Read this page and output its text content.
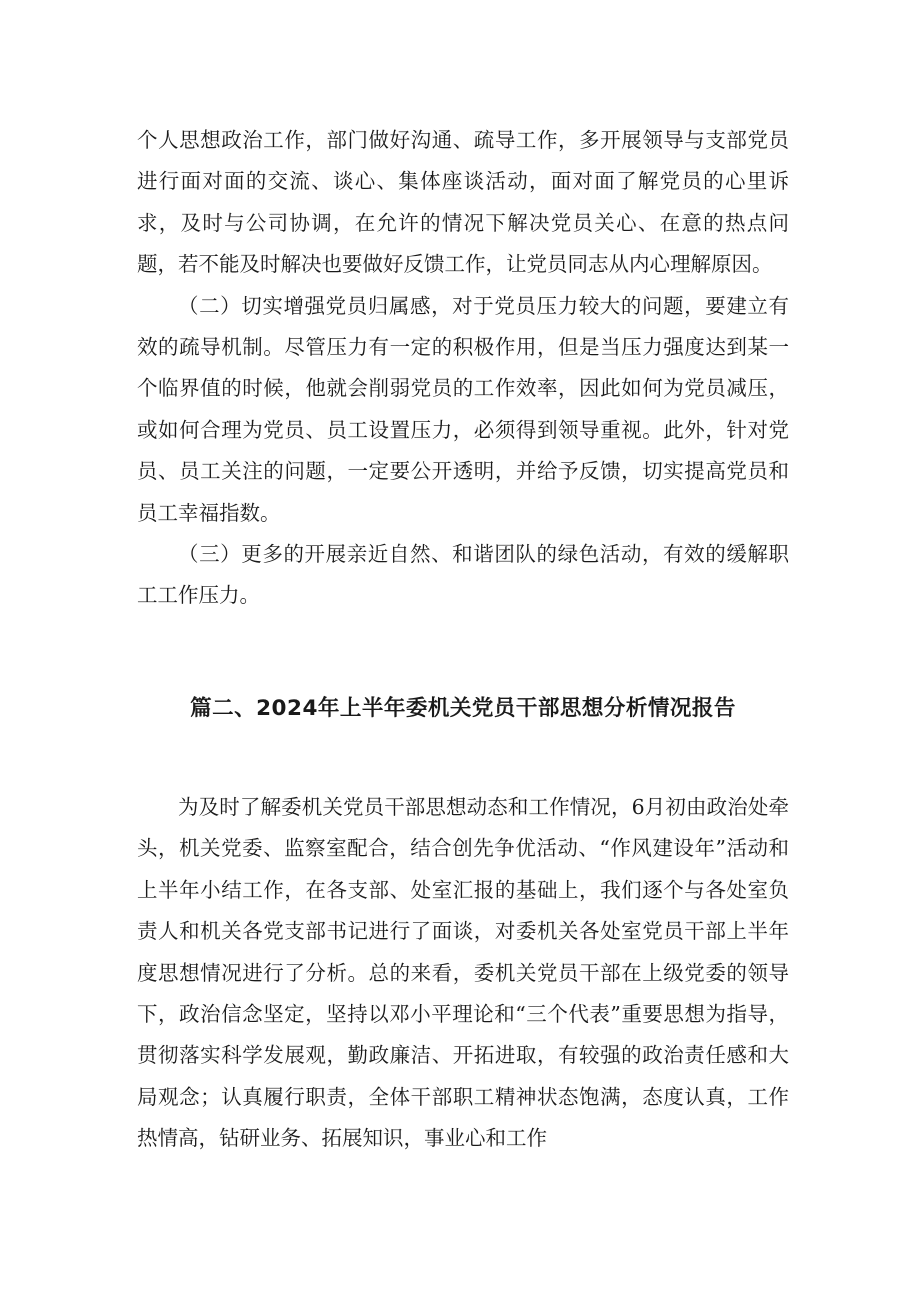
个人思想政治工作，部门做好沟通、疏导工作，多开展领导与支部党员进行面对面的交流、谈心、集体座谈活动，面对面了解党员的心里诉求，及时与公司协调，在允许的情况下解决党员关心、在意的热点问题，若不能及时解决也要做好反馈工作，让党员同志从内心理解原因。

（二）切实增强党员归属感，对于党员压力较大的问题，要建立有效的疏导机制。尽管压力有一定的积极作用，但是当压力强度达到某一个临界值的时候，他就会削弱党员的工作效率，因此如何为党员减压，或如何合理为党员、员工设置压力，必须得到领导重视。此外，针对党员、员工关注的问题，一定要公开透明，并给予反馈，切实提高党员和员工幸福指数。

（三）更多的开展亲近自然、和谐团队的绿色活动，有效的缓解职工工作压力。

篇二、2024年上半年委机关党员干部思想分析情况报告

为及时了解委机关党员干部思想动态和工作情况，6月初由政治处牵头，机关党委、监察室配合，结合创先争优活动、“作风建设年”活动和上半年小结工作，在各支部、处室汇报的基础上，我们逐个与各处室负责人和机关各党支部书记进行了面谈，对委机关各处室党员干部上半年度思想情况进行了分析。总的来看，委机关党员干部在上级党委的领导下，政治信念坚定，坚持以邓小平理论和“三个代表”重要思想为指导，贯彻落实科学发展观，勤政廉洁、开拓进取，有较强的政治责任感和大局观念；认真履行职责，全体干部职工精神状态饱满，态度认真，工作热情高，钻研业务、拓展知识，事业心和工作
